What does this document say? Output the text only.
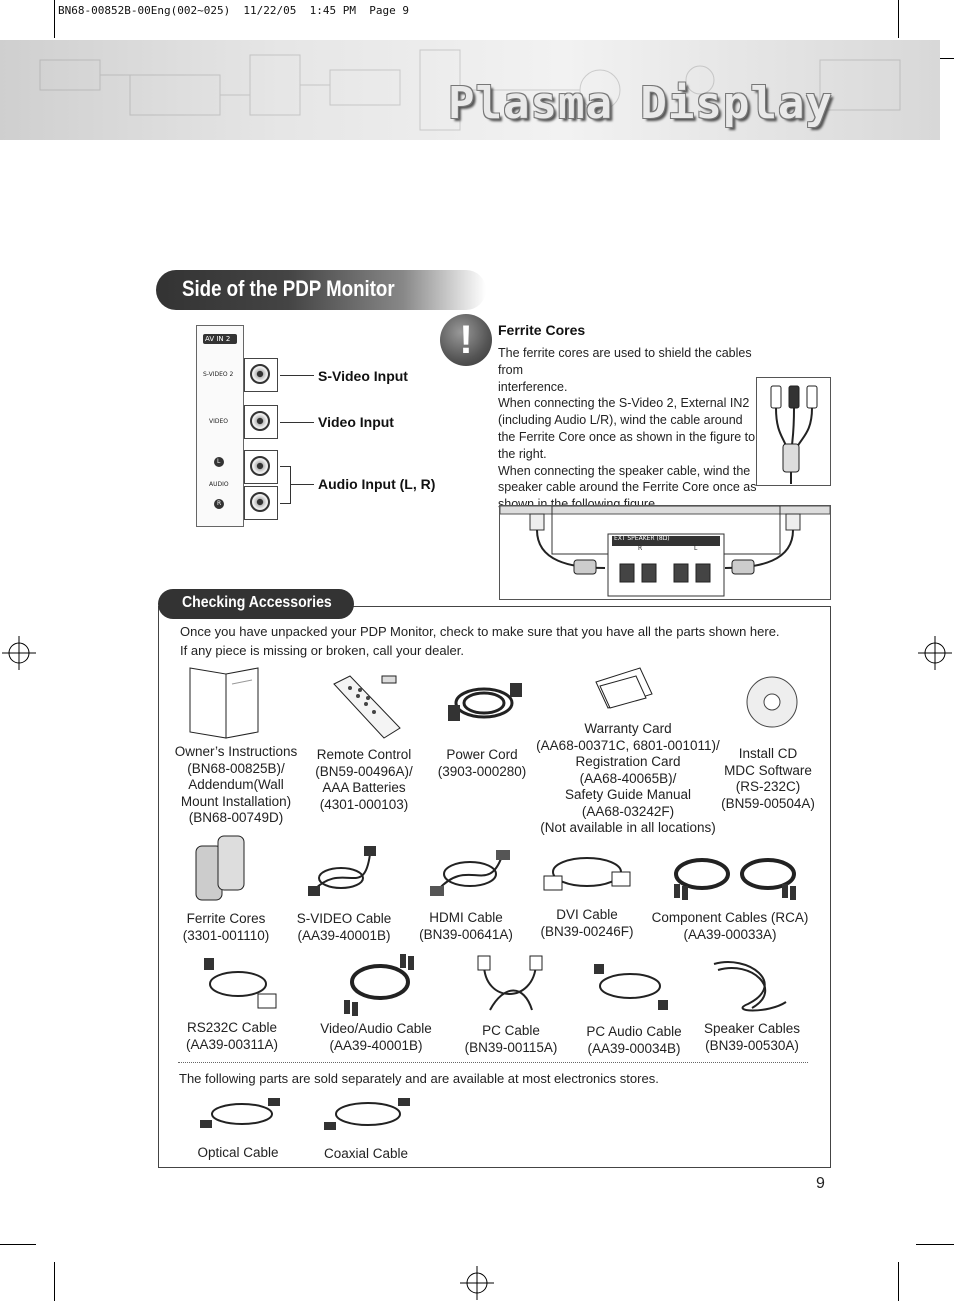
BN68-00852B-00Eng(002~025)  11/22/05  1:45 PM  Page 9
Plasma Display
Side of the PDP Monitor
AV IN 2
S-VIDEO 2
VIDEO
L
AUDIO
R
S-Video Input
Video Input
Audio Input (L, R)
!	Ferrite Cores
The ferrite cores are used to shield the cables from
interference.
When connecting the S-Video 2, External IN2
(including Audio L/R), wind the cable around
the Ferrite Core once as shown in the figure to
the right.
When connecting the speaker cable, wind the
speaker cable around the Ferrite Core once as
EXT SPEAKER (8Ω)
R	L
Checking Accessories
Once you have unpacked your PDP Monitor, check to make sure that you have all the parts shown here.
If any piece is missing or broken, call your dealer.
Owner’s Instructions
(BN68-00825B)/
Addendum(Wall
Mount Installation)
(BN68-00749D)
Remote Control
(BN59-00496A)/
AAA Batteries
(4301-000103)
Power Cord
(3903-000280)
Warranty Card
(AA68-00371C, 6801-001011)/
Registration Card
(AA68-40065B)/
Safety Guide Manual
(AA68-03242F)
(Not available in all locations)
Install CD
MDC Software
(RS-232C)
(BN59-00504A)
Ferrite Cores
(3301-001110)
S-VIDEO Cable
(AA39-40001B)
HDMI Cable
(BN39-00641A)
DVI Cable
(BN39-00246F)
Component Cables (RCA)
(AA39-00033A)
RS232C Cable
(AA39-00311A)
Video/Audio Cable
(AA39-40001B)
PC Cable
(BN39-00115A)
PC Audio Cable
(AA39-00034B)
Speaker Cables
(BN39-00530A)
The following parts are sold separately and are available at most electronics stores.
Optical Cable	Coaxial Cable
9
